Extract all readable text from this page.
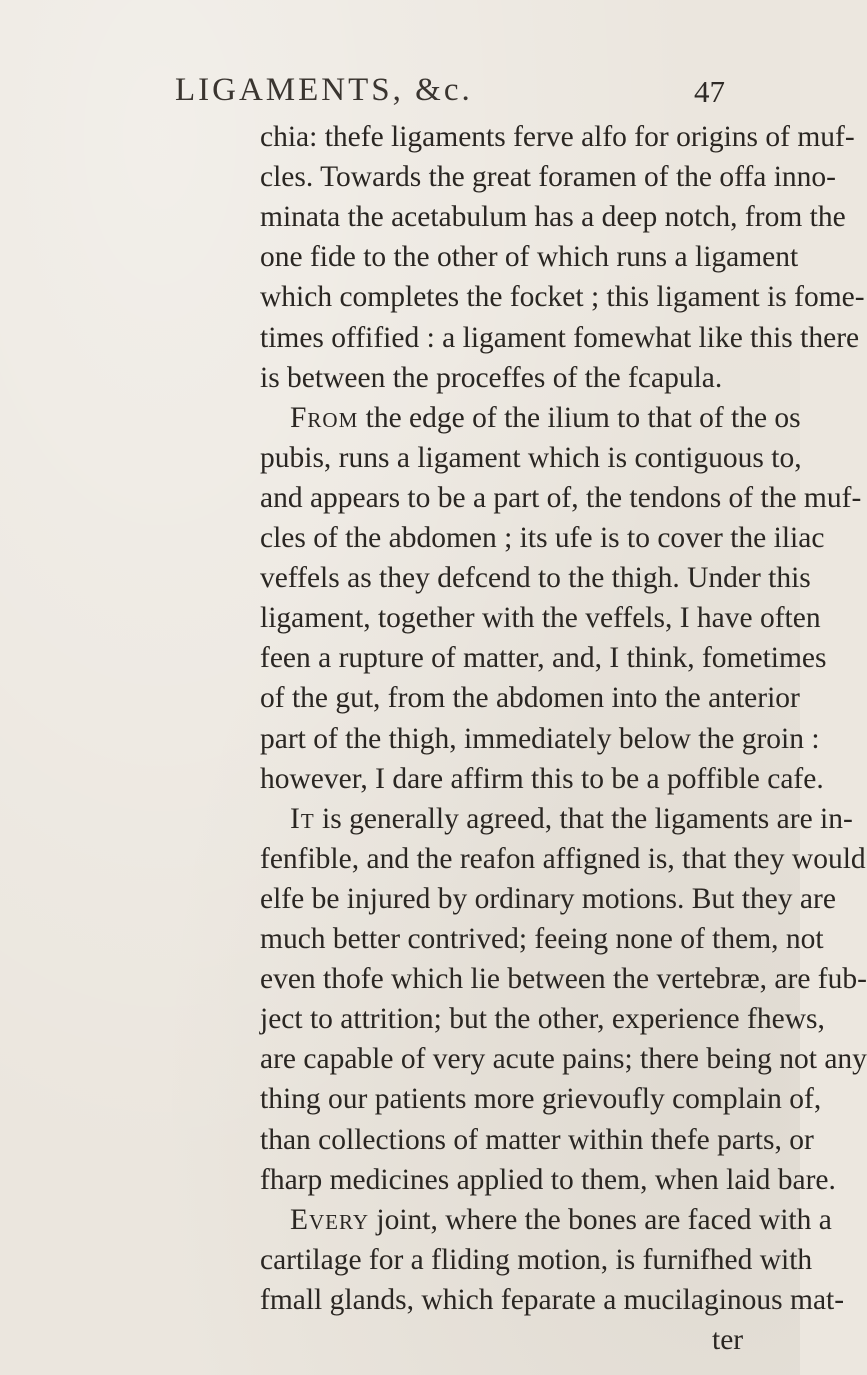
LIGAMENTS, &c.	47
chia: thefe ligaments ferve alfo for origins of muf-
cles. Towards the great foramen of the offa inno-
minata the acetabulum has a deep notch, from the
one fide to the other of which runs a ligament
which completes the focket ; this ligament is fome-
times offified : a ligament fomewhat like this there
is between the proceffes of the fcapula.
From the edge of the ilium to that of the os
pubis, runs a ligament which is contiguous to,
and appears to be a part of, the tendons of the muf-
cles of the abdomen ; its ufe is to cover the iliac
veffels as they defcend to the thigh. Under this
ligament, together with the veffels, I have often
feen a rupture of matter, and, I think, fometimes
of the gut, from the abdomen into the anterior
part of the thigh, immediately below the groin :
however, I dare affirm this to be a poffible cafe.
It is generally agreed, that the ligaments are in-
fenfible, and the reafon affigned is, that they would
elfe be injured by ordinary motions. But they are
much better contrived; feeing none of them, not
even thofe which lie between the vertebræ, are fub-
ject to attrition; but the other, experience fhews,
are capable of very acute pains; there being not any
thing our patients more grievoufly complain of,
than collections of matter within thefe parts, or
fharp medicines applied to them, when laid bare.
Every joint, where the bones are faced with a
cartilage for a fliding motion, is furnifhed with
fmall glands, which feparate a mucilaginous mat-
ter
